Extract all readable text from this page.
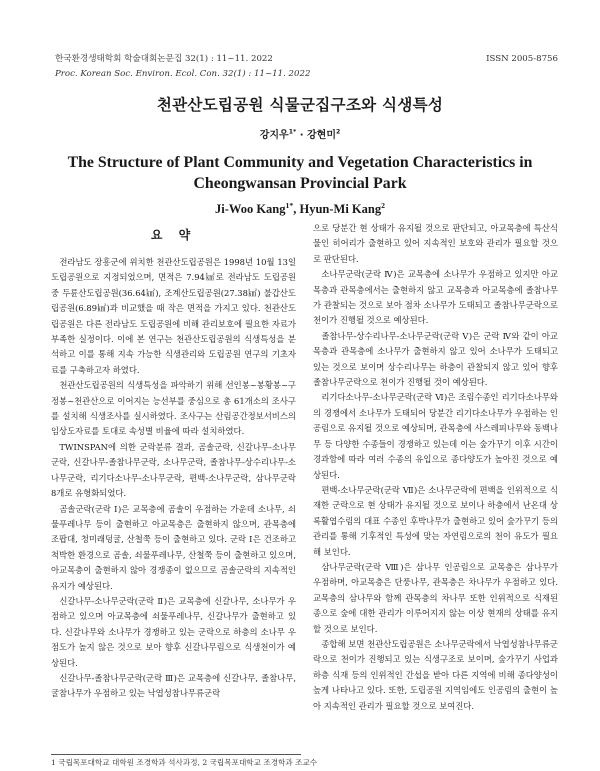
한국환경생태학회 학술대회논문집 32(1) : 11~11. 2022	ISSN 2005-8756
Proc. Korean Soc. Environ. Ecol. Con. 32(1) : 11~11. 2022
천관산도립공원 식물군집구조와 식생특성
강지우$^{1*}$ · 강현미$^2$
The Structure of Plant Community and Vegetation Characteristics in Cheongwansan Provincial Park
Ji-Woo Kang$^{1*}$, Hyun-Mi Kang$^2$
요 약

전라남도 장흥군에 위치한 천관산도립공원은 1998년 10월 13일 도립공원으로 지정되었으며, 면적은 7.94㎢로 전라남도 도립공원 중 두륜산도립공원(36.64㎢), 조계산도립공원(27.38㎢) 불갑산도립공원(6.89㎢)과 비교했을 때 작은 면적을 가지고 있다. 천관산도립공원은 다른 전라남도 도립공원에 비해 관리보호에 필요한 자료가 부족한 실정이다. 이에 본 연구는 천관산도립공원의 식생특성을 분석하고 이를 통해 지속 가능한 식생관리와 도립공원 연구의 기초자료를 구축하고자 하였다.

천관산도립공원의 식생특성을 파악하기 위해 선인봉~봉황봉~구정봉~천관산으로 이어지는 능선부를 중심으로 총 61개소의 조사구를 설치해 식생조사를 실시하였다. 조사구는 산림공간정보서비스의 임상도자료를 토대로 속성별 비율에 따라 설치하였다.

TWINSPAN에 의한 군락분류 결과, 곰솔군락, 신갈나무-소나무군락, 신갈나무-졸참나무군락, 소나무군락, 졸참나무-상수리나무-소나무군락, 리기다소나무-소나무군락, 편백-소나무군락, 삼나무군락 8개로 유형화되었다.

곰솔군락(군락 Ⅰ)은 교목층에 곰솔이 우점하는 가운데 소나무, 쇠물푸레나무 등이 출현하고 아교목층은 출현하지 않으며, 관목층에 조팝대, 청미래덩굴, 산철쭉 등이 출현하고 있다. 군락 Ⅰ은 건조하고 척박한 환경으로 곰솔, 쇠물푸레나무, 산철쭉 등이 출현하고 있으며, 아교목층이 출현하지 않아 경쟁종이 없으므로 곰솔군락의 지속적인 유지가 예상된다.

신갈나무-소나무군락(군락 Ⅱ)은 교목층에 신갈나무, 소나무가 우점하고 있으며 아교목층에 쇠물푸레나무, 신갈나무가 출현하고 있다. 신갈나무와 소나무가 경쟁하고 있는 군락으로 하층의 소나무 우점도가 높지 않은 것으로 보아 향후 신갈나무림으로 식생천이가 예상된다.

신갈나무-졸참나무군락(군락 Ⅲ)은 교목층에 신갈나무, 졸참나무, 굴참나무가 우점하고 있는 낙엽성참나무류군락

으로 당분간 현 상태가 유지될 것으로 판단되고, 아교목층에 특산식물인 히어리가 출현하고 있어 지속적인 보호와 관리가 필요할 것으로 판단된다.

소나무군락(군락 Ⅳ)은 교목층에 소나무가 우점하고 있지만 아교목층과 관목층에서는 출현하지 않고 교목층과 아교목층에 졸참나무가 관찰되는 것으로 보아 점차 소나무가 도태되고 졸참나무군락으로 천이가 진행될 것으로 예상된다.

졸참나무-상수리나무-소나무군락(군락 Ⅴ)은 군락 Ⅳ와 같이 아교목층과 관목층에 소나무가 출현하지 않고 있어 소나무가 도태되고 있는 것으로 보이며 상수리나무는 하층이 관찰되지 않고 있어 향후 졸참나무군락으로 천이가 진행될 것이 예상된다.

리기다소나무-소나무군락(군락 Ⅵ)은 조림수종인 리기다소나무와의 경쟁에서 소나무가 도태되어 당분간 리기다소나무가 우점하는 인공림으로 유지될 것으로 예상되며, 관목층에 사스레피나무와 동백나무 등 다양한 수종들이 경쟁하고 있는데 이는 숲가꾸기 이후 시간이 경과함에 따라 여러 수종의 유입으로 종다양도가 높아진 것으로 예상된다.

편백-소나무군락(군락 Ⅶ)은 소나무군락에 편백을 인위적으로 식재한 군락으로 현 상태가 유지될 것으로 보이나 하층에서 난온대 상록활엽수림의 대표 수종인 후박나무가 출현하고 있어 숲가꾸기 등의 관리를 통해 기후적인 특성에 맞는 자연림으로의 천이 유도가 필요해 보인다.

삼나무군락(군락 Ⅷ)은 삼나무 인공림으로 교목층은 삼나무가 우점하며, 아교목층은 단풍나무, 관목층은 차나무가 우점하고 있다. 교목층의 삼나무와 함께 관목층의 차나무 또한 인위적으로 식재된 종으로 숲에 대한 관리가 이루어지지 않는 이상 현재의 상태를 유지할 것으로 보인다.

종합해 보면 천관산도립공원은 소나무군락에서 낙엽성참나무류군락으로 천이가 진행되고 있는 식생구조로 보이며, 숲가꾸기 사업과 하층 식재 등의 인위적인 간섭을 받아 다른 지역에 비해 종다양성이 높게 나타나고 있다. 또한, 도립공원 지역임에도 인공림의 출현이 높아 지속적인 관리가 필요할 것으로 보여진다.

1 국립목포대학교 대학원 조경학과 석사과정, 2 국립목포대학교 조경학과 조교수
